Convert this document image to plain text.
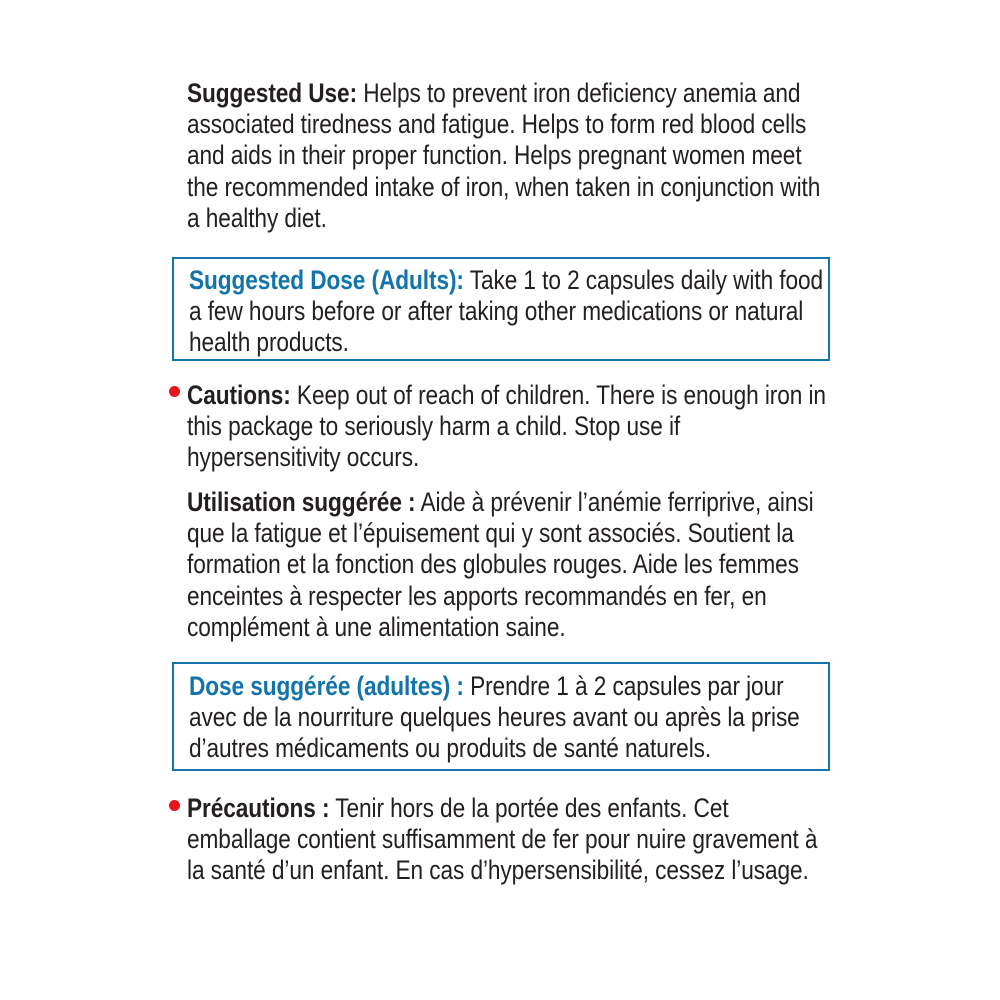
Suggested Use: Helps to prevent iron deficiency anemia and associated tiredness and fatigue. Helps to form red blood cells and aids in their proper function. Helps pregnant women meet the recommended intake of iron, when taken in conjunction with a healthy diet.
Suggested Dose (Adults): Take 1 to 2 capsules daily with food a few hours before or after taking other medications or natural health products.
Cautions: Keep out of reach of children. There is enough iron in this package to seriously harm a child. Stop use if hypersensitivity occurs.
Utilisation suggérée : Aide à prévenir l’anémie ferriprive, ainsi que la fatigue et l’épuisement qui y sont associés. Soutient la formation et la fonction des globules rouges. Aide les femmes enceintes à respecter les apports recommandés en fer, en complément à une alimentation saine.
Dose suggérée (adultes) : Prendre 1 à 2 capsules par jour avec de la nourriture quelques heures avant ou après la prise d’autres médicaments ou produits de santé naturels.
Précautions : Tenir hors de la portée des enfants. Cet emballage contient suffisamment de fer pour nuire gravement à la santé d’un enfant. En cas d’hypersensibilité, cessez l’usage.
